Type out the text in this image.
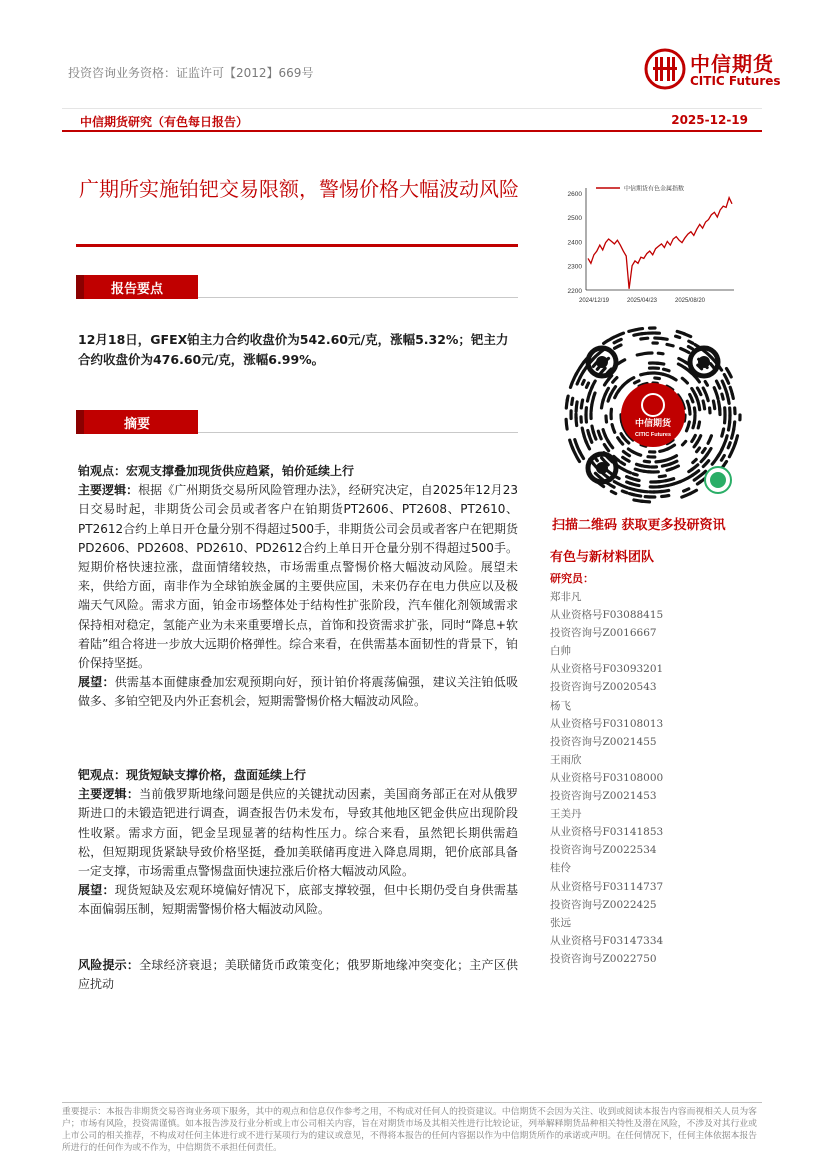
投资咨询业务资格：证监许可【2012】669号	中信期货
CITIC Futures
中信期货研究（有色每日报告）	2025-12-19
广期所实施铂钯交易限额，警惕价格大幅波动风险
报告要点
12月18日，GFEX铂主力合约收盘价为542.60元/克，涨幅5.32%；钯主力合约收盘价为476.60元/克，涨幅6.99%。
摘要
铂观点：宏观支撑叠加现货供应趋紧，铂价延续上行
主要逻辑：根据《广州期货交易所风险管理办法》，经研究决定，自2025年12月23日交易时起，非期货公司会员或者客户在铂期货PT2606、PT2608、PT2610、PT2612合约上单日开仓量分别不得超过500手，非期货公司会员或者客户在钯期货PD2606、PD2608、PD2610、PD2612合约上单日开仓量分别不得超过500手。短期价格快速拉涨，盘面情绪较热，市场需重点警惕价格大幅波动风险。展望未来，供给方面，南非作为全球铂族金属的主要供应国，未来仍存在电力供应以及极端天气风险。需求方面，铂金市场整体处于结构性扩张阶段，汽车催化剂领域需求保持相对稳定，氢能产业为未来重要增长点，首饰和投资需求扩张，同时“降息+软着陆”组合将进一步放大远期价格弹性。综合来看，在供需基本面韧性的背景下，铂价保持坚挺。
展望：供需基本面健康叠加宏观预期向好，预计铂价将震荡偏强，建议关注铂低吸做多、多铂空钯及内外正套机会，短期需警惕价格大幅波动风险。
钯观点：现货短缺支撑价格，盘面延续上行
主要逻辑：当前俄罗斯地缘问题是供应的关键扰动因素，美国商务部正在对从俄罗斯进口的未锻造钯进行调查，调查报告仍未发布，导致其他地区钯金供应出现阶段性收紧。需求方面，钯金呈现显著的结构性压力。综合来看，虽然钯长期供需趋松，但短期现货紧缺导致价格坚挺，叠加美联储再度进入降息周期，钯价底部具备一定支撑，市场需重点警惕盘面快速拉涨后价格大幅波动风险。
展望：现货短缺及宏观环境偏好情况下，底部支撑较强，但中长期仍受自身供需基本面偏弱压制，短期需警惕价格大幅波动风险。
风险提示：全球经济衰退；美联储货币政策变化；俄罗斯地缘冲突变化；主产区供应扰动
2200
2300
2400
2500
2600
2024/12/19	2025/04/23	2025/08/20
中信期货有色金属指数
中信期货
CITIC Futures
扫描二维码 获取更多投研资讯
有色与新材料团队
研究员：
郑非凡
从业资格号F03088415
投资咨询号Z0016667
白帅
从业资格号F03093201
投资咨询号Z0020543
杨飞
从业资格号F03108013
投资咨询号Z0021455
王雨欣
从业资格号F03108000
投资咨询号Z0021453
王美丹
从业资格号F03141853
投资咨询号Z0022534
桂伶
从业资格号F03114737
投资咨询号Z0022425
张远
从业资格号F03147334
投资咨询号Z0022750
重要提示：本报告非期货交易咨询业务项下服务，其中的观点和信息仅作参考之用，不构成对任何人的投资建议。中信期货不会因为关注、收到或阅读本报告内容而视相关人员为客户；市场有风险，投资需谨慎。如本报告涉及行业分析或上市公司相关内容，旨在对期货市场及其相关性进行比较论证，列举解释期货品种相关特性及潜在风险，不涉及对其行业或上市公司的相关推荐，不构成对任何主体进行或不进行某项行为的建议或意见，不得将本报告的任何内容据以作为中信期货所作的承诺或声明。在任何情况下，任何主体依据本报告所进行的任何作为或不作为，中信期货不承担任何责任。
